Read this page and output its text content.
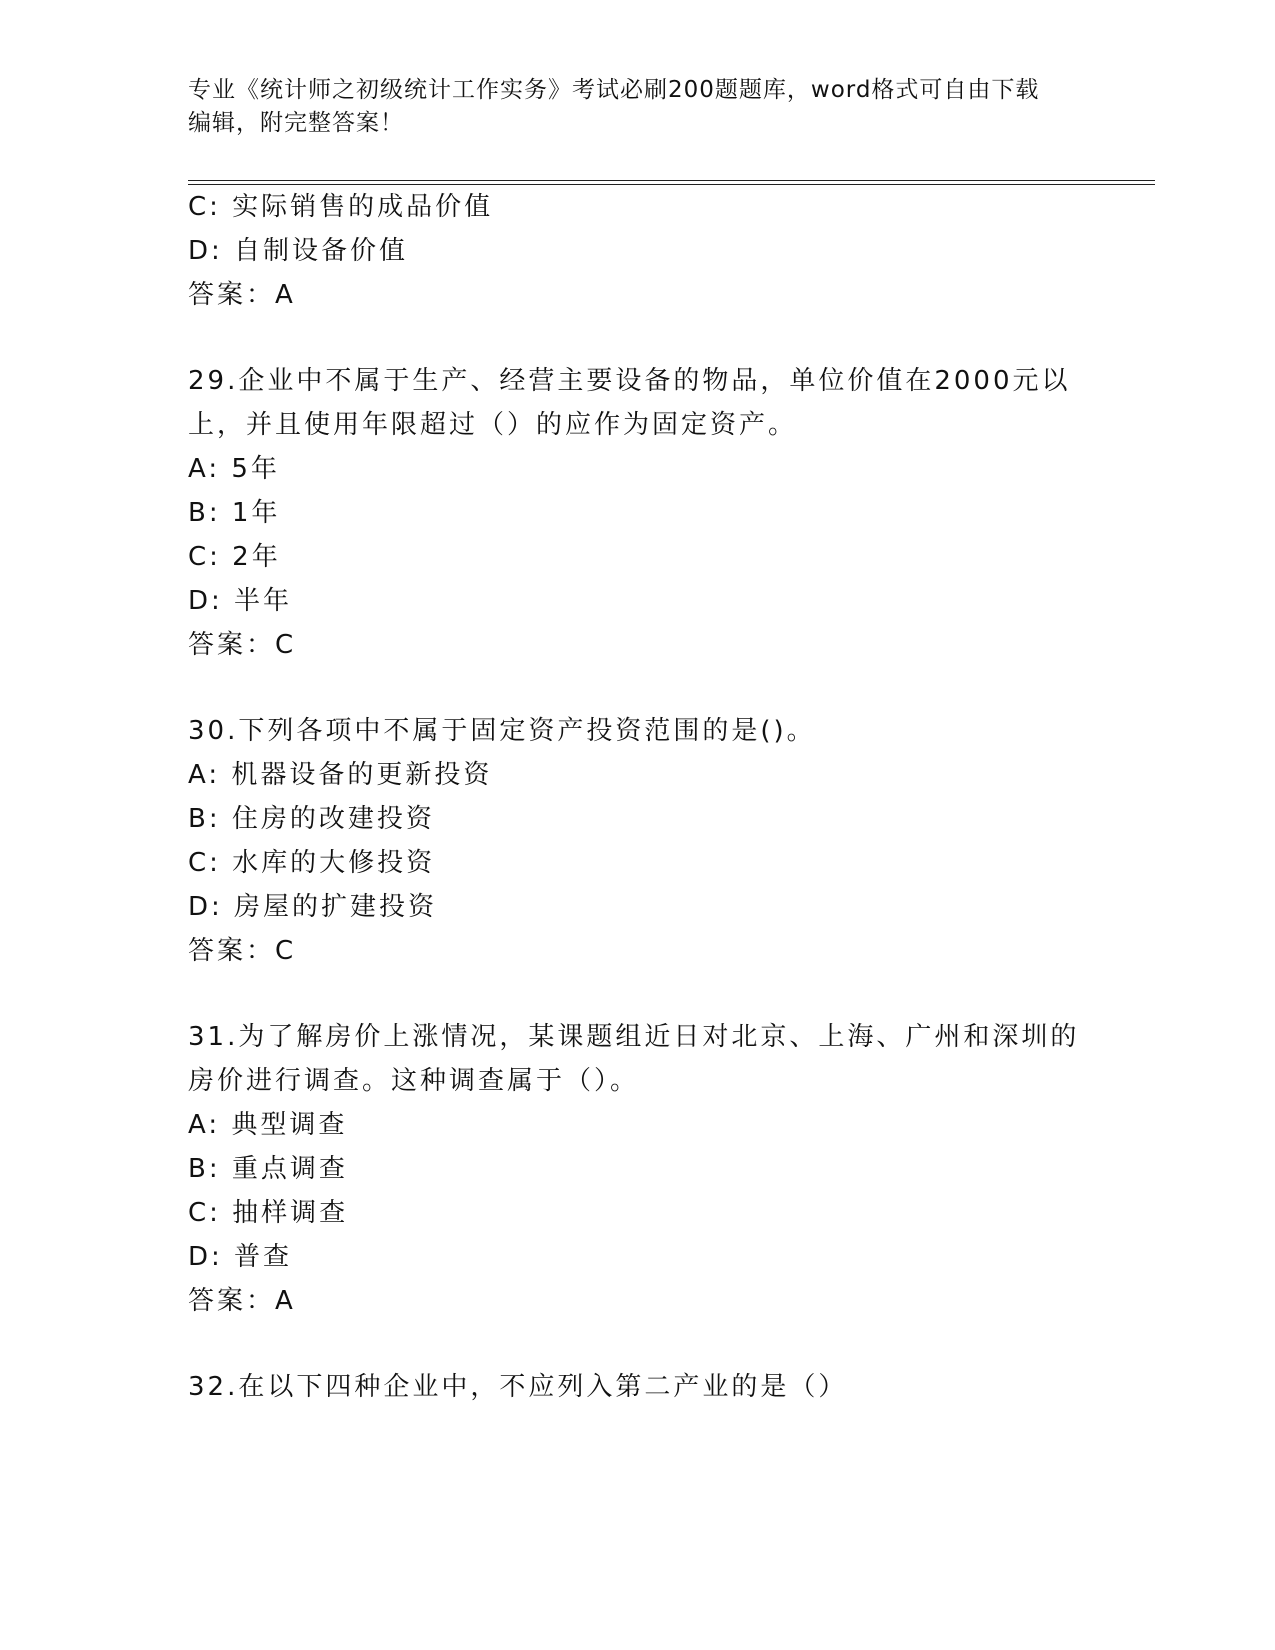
专业《统计师之初级统计工作实务》考试必刷200题题库，word格式可自由下载
编辑，附完整答案！
C: 实际销售的成品价值
D: 自制设备价值
答案：A
29.企业中不属于生产、经营主要设备的物品，单位价值在2000元以
上，并且使用年限超过（）的应作为固定资产。
A: 5年
B: 1年
C: 2年
D: 半年
答案：C
30.下列各项中不属于固定资产投资范围的是()。
A: 机器设备的更新投资
B: 住房的改建投资
C: 水库的大修投资
D: 房屋的扩建投资
答案：C
31.为了解房价上涨情况，某课题组近日对北京、上海、广州和深圳的
房价进行调查。这种调查属于（）。
A: 典型调查
B: 重点调查
C: 抽样调查
D: 普查
答案：A
32.在以下四种企业中，不应列入第二产业的是（）
